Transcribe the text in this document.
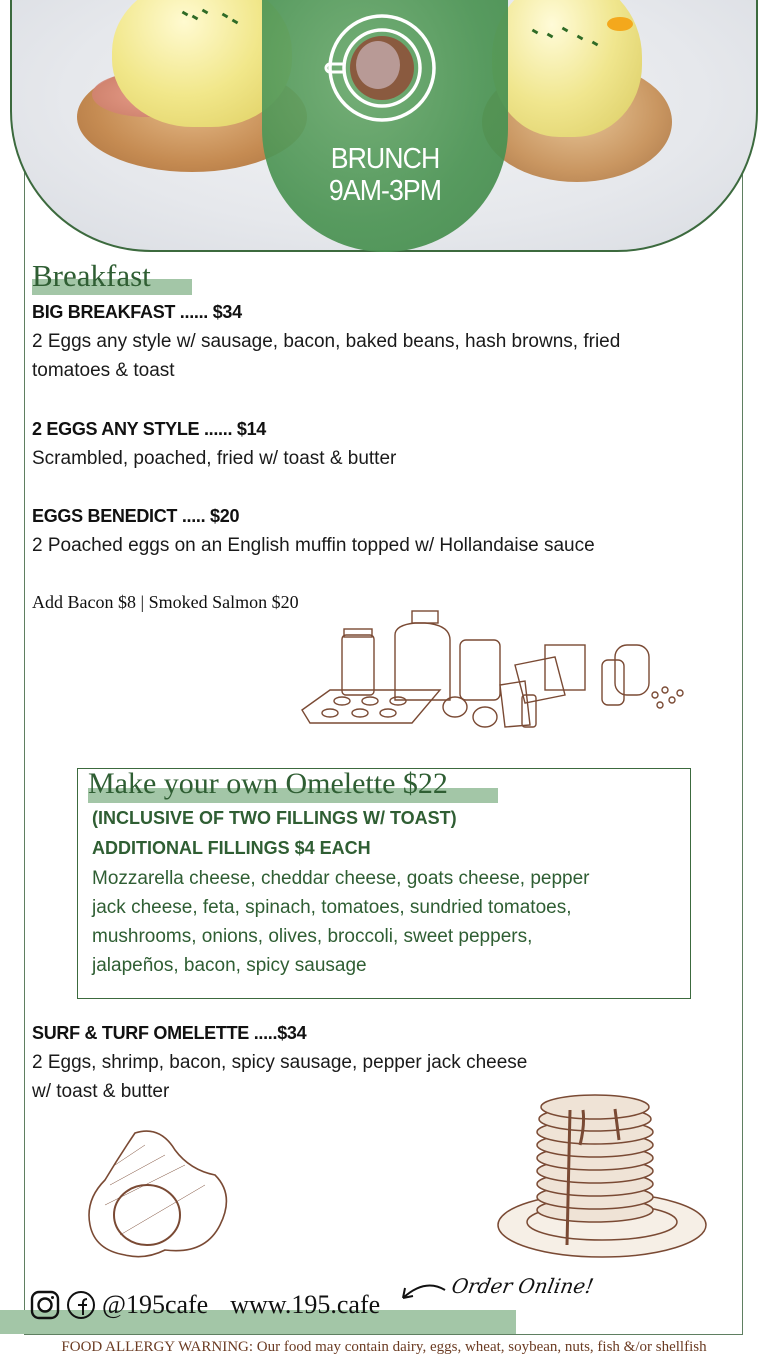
BRUNCH
9AM-3PM
Breakfast
BIG BREAKFAST ...... $34
2 Eggs any style w/ sausage, bacon, baked beans, hash browns, fried
tomatoes & toast
2 EGGS ANY STYLE ...... $14
Scrambled, poached, fried w/ toast & butter
EGGS BENEDICT ..... $20
2 Poached eggs on an English muffin topped w/ Hollandaise sauce
Add Bacon $8 | Smoked Salmon $20
Make your own Omelette $22
(INCLUSIVE OF TWO FILLINGS W/ TOAST)
ADDITIONAL FILLINGS $4 EACH
Mozzarella cheese, cheddar cheese, goats cheese, pepper
jack cheese, feta, spinach, tomatoes, sundried tomatoes,
mushrooms, onions, olives, broccoli, sweet peppers,
jalapeños, bacon, spicy sausage
SURF & TURF OMELETTE .....$34
2 Eggs, shrimp, bacon, spicy sausage, pepper jack cheese
w/ toast & butter
@195cafe www.195.cafe
Order Online!
FOOD ALLERGY WARNING: Our food may contain dairy, eggs, wheat, soybean, nuts, fish &/or shellfish
